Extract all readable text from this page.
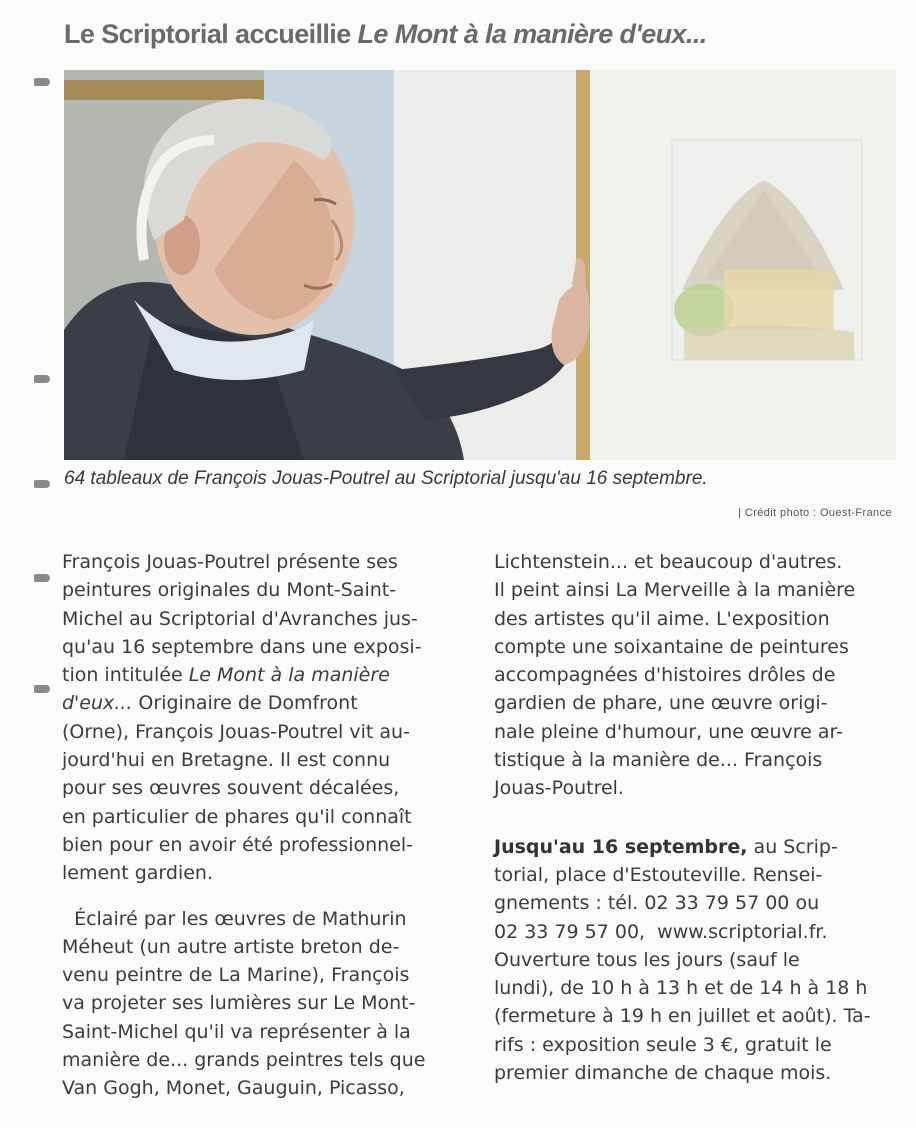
Le Scriptorial accueillie Le Mont à la manière d'eux...
64 tableaux de François Jouas-Poutrel au Scriptorial jusqu'au 16 septembre.
| Crédit photo : Ouest-France
François Jouas-Poutrel présente ses
peintures originales du Mont-Saint-
Michel au Scriptorial d'Avranches jus-
qu'au 16 septembre dans une exposi-
tion intitulée Le Mont à la manière
d'eux... Originaire de Domfront
(Orne), François Jouas-Poutrel vit au-
jourd'hui en Bretagne. Il est connu
pour ses œuvres souvent décalées,
en particulier de phares qu'il connaît
bien pour en avoir été professionnel-
lement gardien.
Éclairé par les œuvres de Mathurin
Méheut (un autre artiste breton de-
venu peintre de La Marine), François
va projeter ses lumières sur Le Mont-
Saint-Michel qu'il va représenter à la
manière de... grands peintres tels que
Van Gogh, Monet, Gauguin, Picasso,
Lichtenstein... et beaucoup d'autres.
Il peint ainsi La Merveille à la manière
des artistes qu'il aime. L'exposition
compte une soixantaine de peintures
accompagnées d'histoires drôles de
gardien de phare, une œuvre origi-
nale pleine d'humour, une œuvre ar-
tistique à la manière de... François
Jouas-Poutrel.
Jusqu'au 16 septembre, au Scrip-
torial, place d'Estouteville. Rensei-
gnements : tél. 02 33 79 57 00 ou
02 33 79 57 00,  www.scriptorial.fr.
Ouverture tous les jours (sauf le
lundi), de 10 h à 13 h et de 14 h à 18 h
(fermeture à 19 h en juillet et août). Ta-
rifs : exposition seule 3 €, gratuit le
premier dimanche de chaque mois.
